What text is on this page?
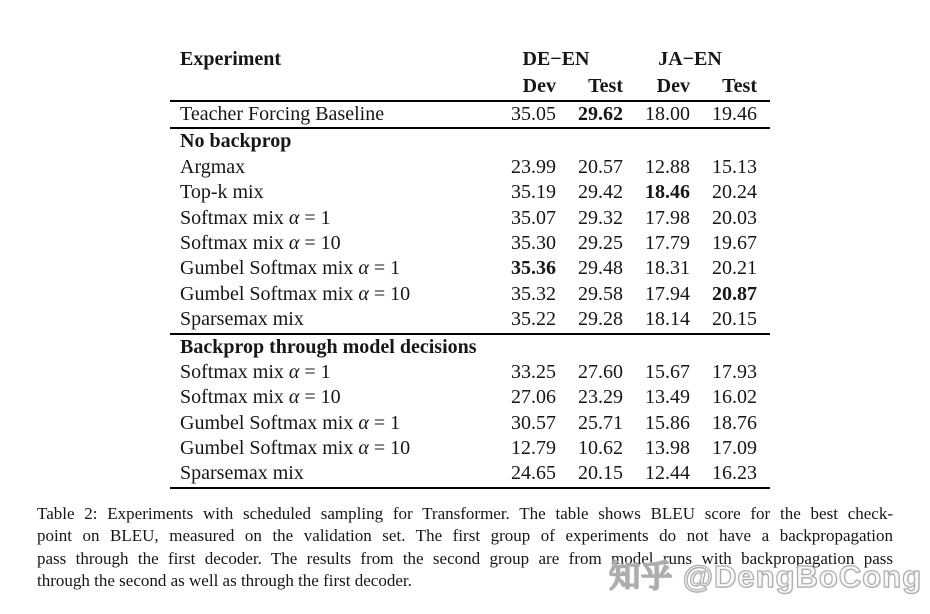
Experiment	DE−EN	JA−EN
Dev	Test	Dev	Test
Teacher Forcing Baseline	35.05	29.62	18.00	19.46
No backprop
Argmax	23.99	20.57	12.88	15.13
Top-k mix	35.19	29.42	18.46	20.24
Softmax mix α = 1	35.07	29.32	17.98	20.03
Softmax mix α = 10	35.30	29.25	17.79	19.67
Gumbel Softmax mix α = 1	35.36	29.48	18.31	20.21
Gumbel Softmax mix α = 10	35.32	29.58	17.94	20.87
Sparsemax mix	35.22	29.28	18.14	20.15
Backprop through model decisions
Softmax mix α = 1	33.25	27.60	15.67	17.93
Softmax mix α = 10	27.06	23.29	13.49	16.02
Gumbel Softmax mix α = 1	30.57	25.71	15.86	18.76
Gumbel Softmax mix α = 10	12.79	10.62	13.98	17.09
Sparsemax mix	24.65	20.15	12.44	16.23
Table 2: Experiments with scheduled sampling for Transformer. The table shows BLEU score for the best check-
point on BLEU, measured on the validation set. The first group of experiments do not have a backpropagation
pass through the first decoder. The results from the second group are from model runs with backpropagation pass
through the second as well as through the first decoder.	知乎 @DengBoCong
